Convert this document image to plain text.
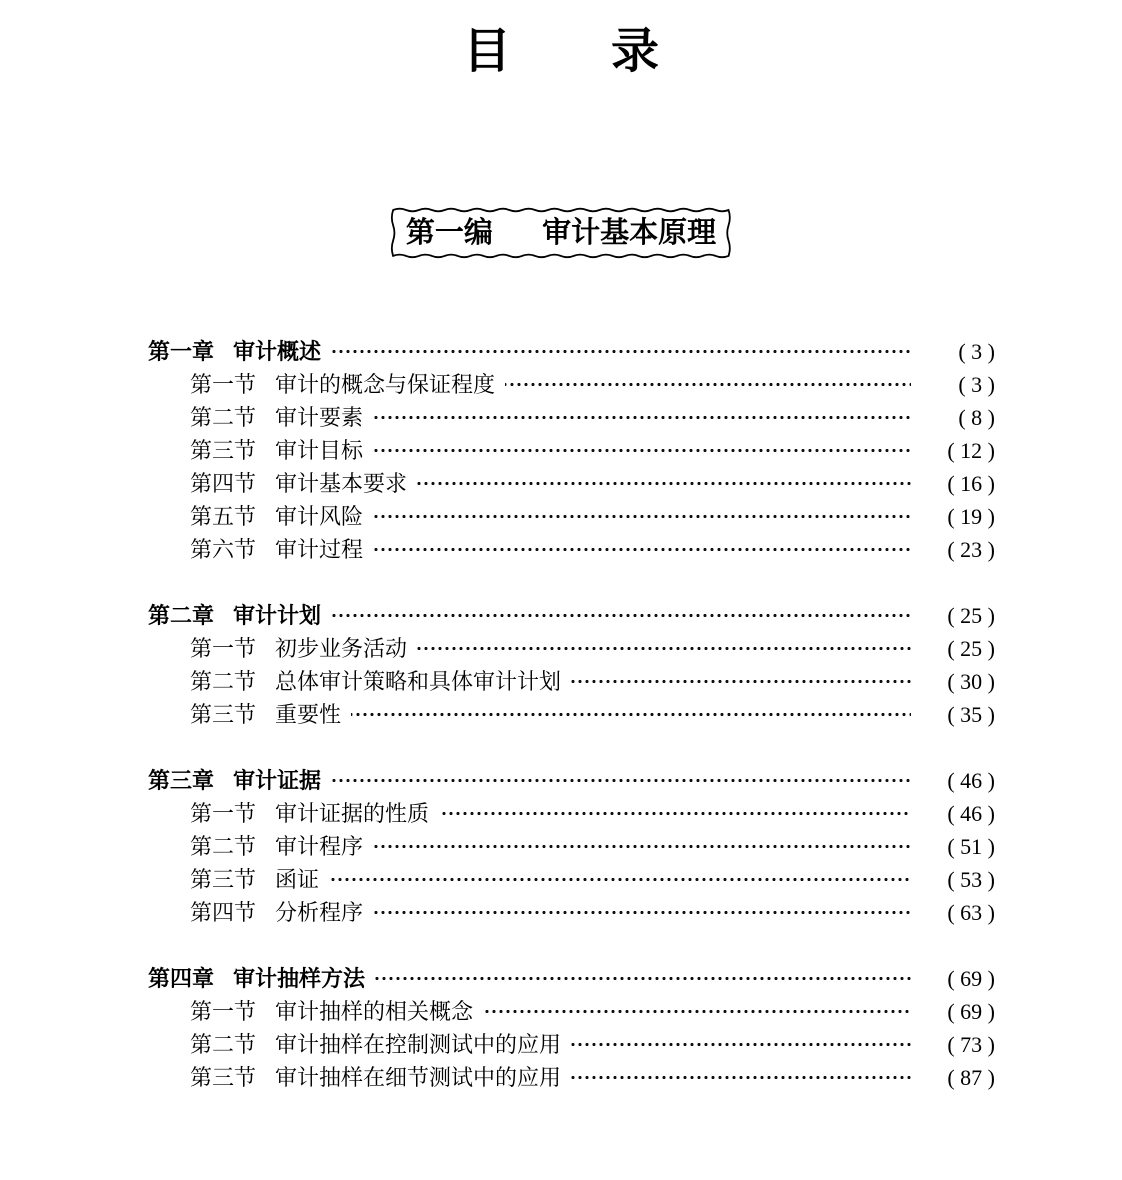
目　录
第一编 审计基本原理
第一章 审计概述	( 3 )
第一节 审计的概念与保证程度	( 3 )
第二节 审计要素	( 8 )
第三节 审计目标	( 12 )
第四节 审计基本要求	( 16 )
第五节 审计风险	( 19 )
第六节 审计过程	( 23 )
第二章 审计计划	( 25 )
第一节 初步业务活动	( 25 )
第二节 总体审计策略和具体审计计划	( 30 )
第三节 重要性	( 35 )
第三章 审计证据	( 46 )
第一节 审计证据的性质	( 46 )
第二节 审计程序	( 51 )
第三节 函证	( 53 )
第四节 分析程序	( 63 )
第四章 审计抽样方法	( 69 )
第一节 审计抽样的相关概念	( 69 )
第二节 审计抽样在控制测试中的应用	( 73 )
第三节 审计抽样在细节测试中的应用	( 87 )
